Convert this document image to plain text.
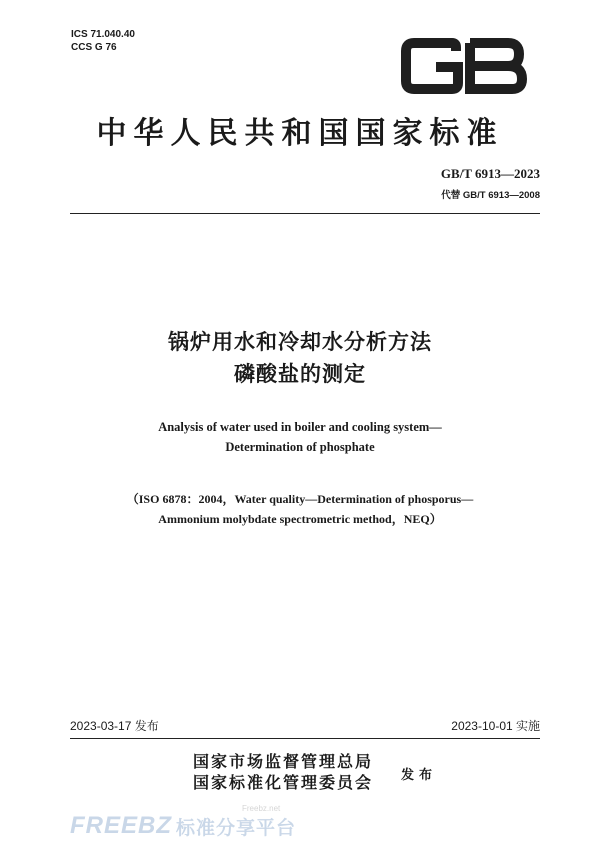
ICS 71.040.40
CCS G 76
中华人民共和国国家标准
GB/T 6913—2023
代替 GB/T 6913—2008
锅炉用水和冷却水分析方法
磷酸盐的测定
Analysis of water used in boiler and cooling system—
Determination of phosphate
（ISO 6878：2004，Water quality—Determination of phosporus—
Ammonium molybdate spectrometric method，NEQ）
2023-03-17 发布	2023-10-01 实施
国家市场监督管理总局
国家标准化管理委员会 发布
Freebz.net
FREEBZ 标准分享平台
